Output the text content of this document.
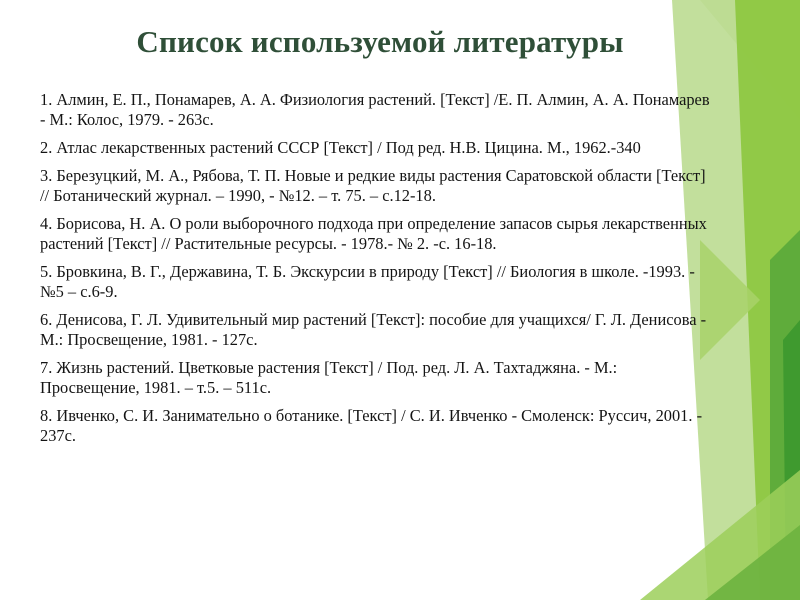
Список используемой литературы
1. Алмин, Е. П., Понамарев, А. А. Физиология растений. [Текст] /Е. П. Алмин, А. А. Понамарев - М.: Колос, 1979. - 263с.
2. Атлас лекарственных растений СССР [Текст] / Под ред. Н.В. Цицина. М., 1962.-340
3. Березуцкий, М. А., Рябова, Т. П. Новые и редкие виды растения Саратовской области [Текст] // Ботанический журнал. – 1990, - №12. – т. 75. – с.12-18.
4. Борисова, Н. А. О роли выборочного подхода при определение запасов сырья лекарственных растений [Текст] // Растительные ресурсы. - 1978.- № 2. -с. 16-18.
5. Бровкина, В. Г., Державина, Т. Б. Экскурсии в природу [Текст] // Биология в школе. -1993. - №5 – с.6-9.
6. Денисова, Г. Л. Удивительный мир растений [Текст]: пособие для учащихся/ Г. Л. Денисова - М.: Просвещение, 1981. - 127с.
7. Жизнь растений. Цветковые растения [Текст] / Под. ред. Л. А. Тахтаджяна. - М.: Просвещение, 1981. – т.5. – 511с.
8. Ивченко, С. И. Занимательно о ботанике. [Текст] / С. И. Ивченко - Смоленск: Руссич, 2001. - 237с.
